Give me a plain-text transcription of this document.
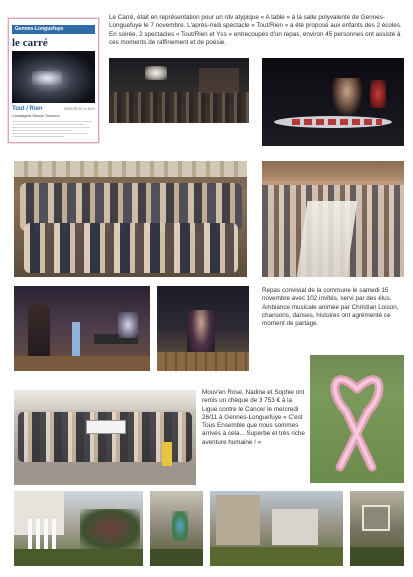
Gennes-Longuefuye
le carré
Tout / Rien	MERCREDI 13 NOV.
Compagnie Mesdo Tourneur
Le Carré, était en représentation pour un rdv atypique « A table » à la salle polyvalente de Gennes-Longuefuye le 7 novembre. L'après-midi spectacle « Tout/Rien » a été proposé aux enfants des 2 écoles. En soirée, 2 spectacles « Tout/Rien et Yss » entrecoupés d'un repas, environ 45 personnes ont assisté à ces moments de raffinement et de poésie.
Repas convivial de la commune le samedi 15 novembre avec 102 invités, servi par des élus. Ambiance musicale animée par Christian Loison, chansons, danses, histoires ont agrémenté ce moment de partage.
Mouv'en Rose, Nadine et Sophie ont remis un chèque de 3 753 € à la Ligue contre le Cancer le mercredi 26/11 à Gennes-Longuefuye « C'est Tous Ensemble que nous sommes arrivés à cela... Superbe et très riche aventure humaine ! »
